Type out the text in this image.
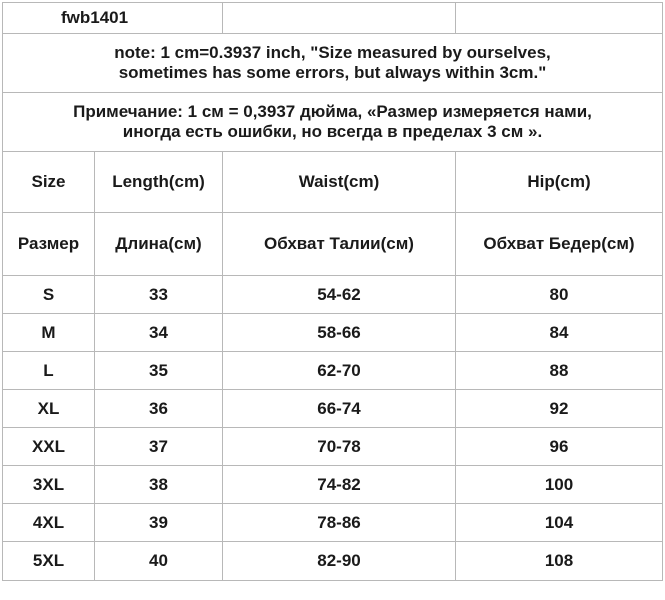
fwb1401			
note: 1 cm=0.3937 inch, "Size measured by ourselves,
sometimes has some errors, but always within 3cm."			
Примечание: 1 см = 0,3937 дюйма, «Размер измеряется нами,
иногда есть ошибки, но всегда в пределах 3 см ».			
Size	Length(cm)	Waist(cm)	Hip(cm)
Размер	Длина(см)	Обхват Талии(см)	Обхват Бедер(см)
S	33	54-62	80
M	34	58-66	84
L	35	62-70	88
XL	36	66-74	92
XXL	37	70-78	96
3XL	38	74-82	100
4XL	39	78-86	104
5XL	40	82-90	108
